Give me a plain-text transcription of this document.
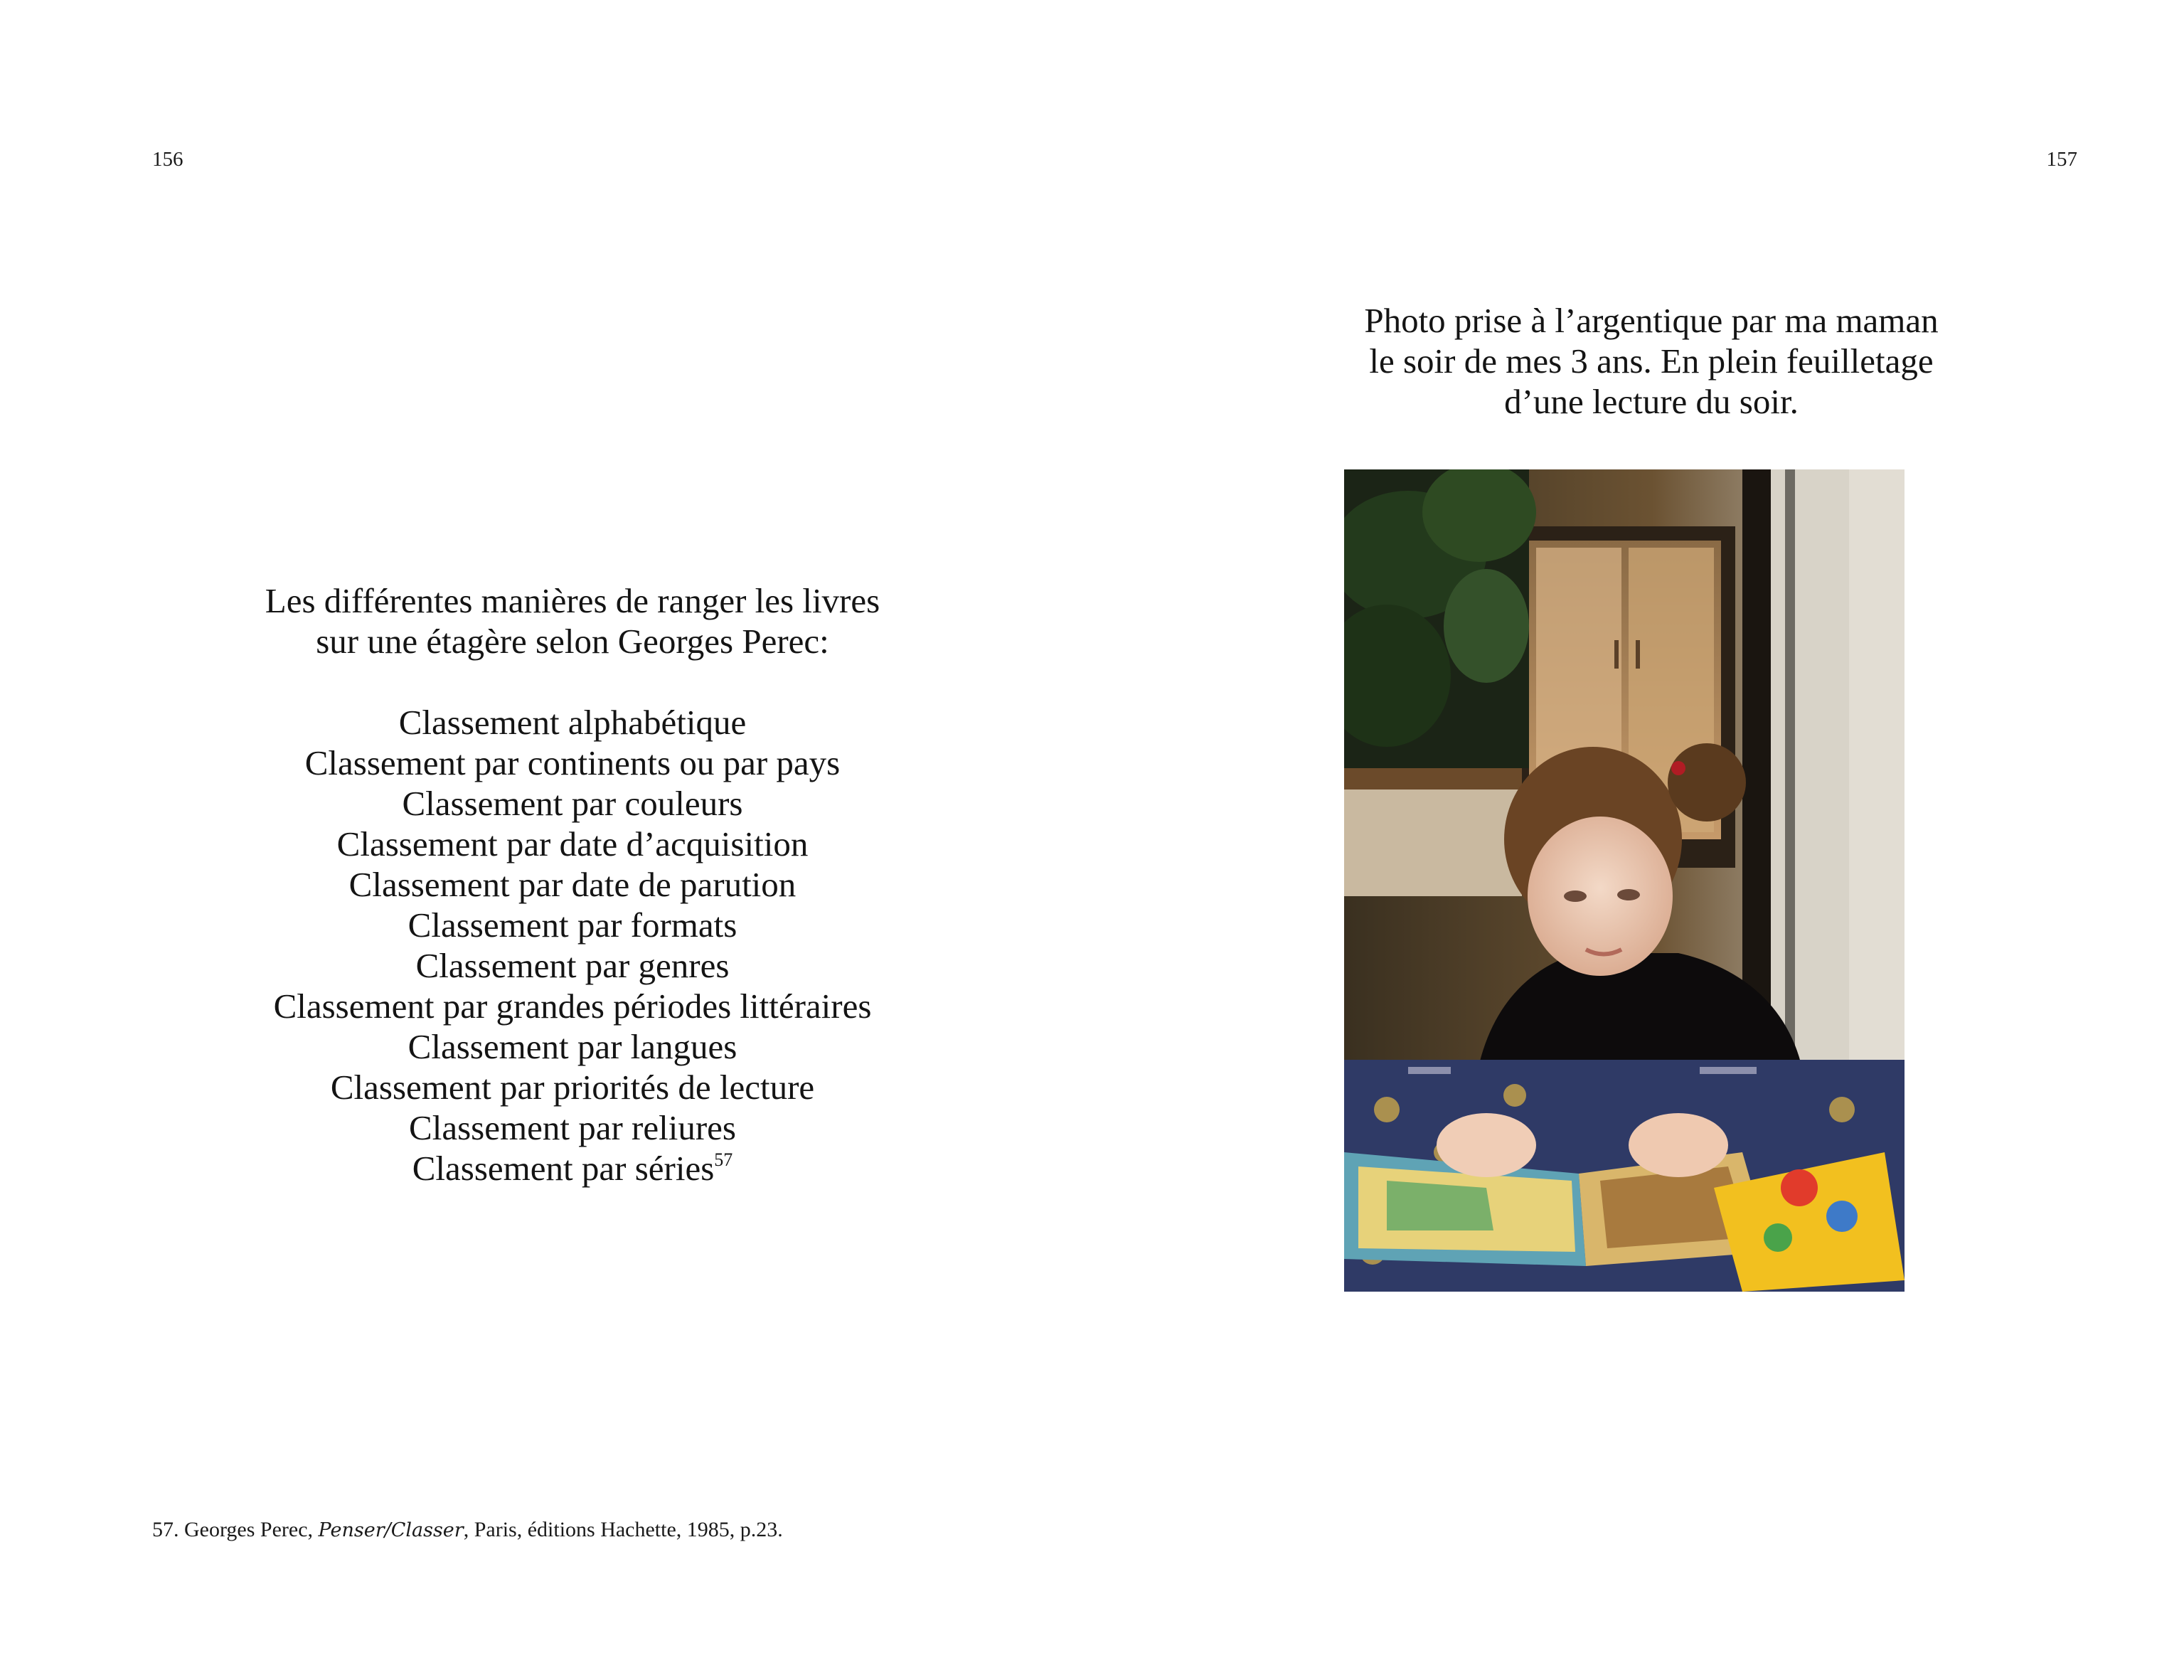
156
Les différentes manières de ranger les livres
sur une étagère selon Georges Perec:
Classement alphabétique
Classement par continents ou par pays
Classement par couleurs
Classement par date d’acquisition
Classement par date de parution
Classement par formats
Classement par genres
Classement par grandes périodes littéraires
Classement par langues
Classement par priorités de lecture
Classement par reliures
Classement par séries$^{57}$
57. Georges Perec, Penser/Classer, Paris, éditions Hachette, 1985, p.23.
157
Photo prise à l’argentique par ma maman
le soir de mes 3 ans. En plein feuilletage
d’une lecture du soir.
